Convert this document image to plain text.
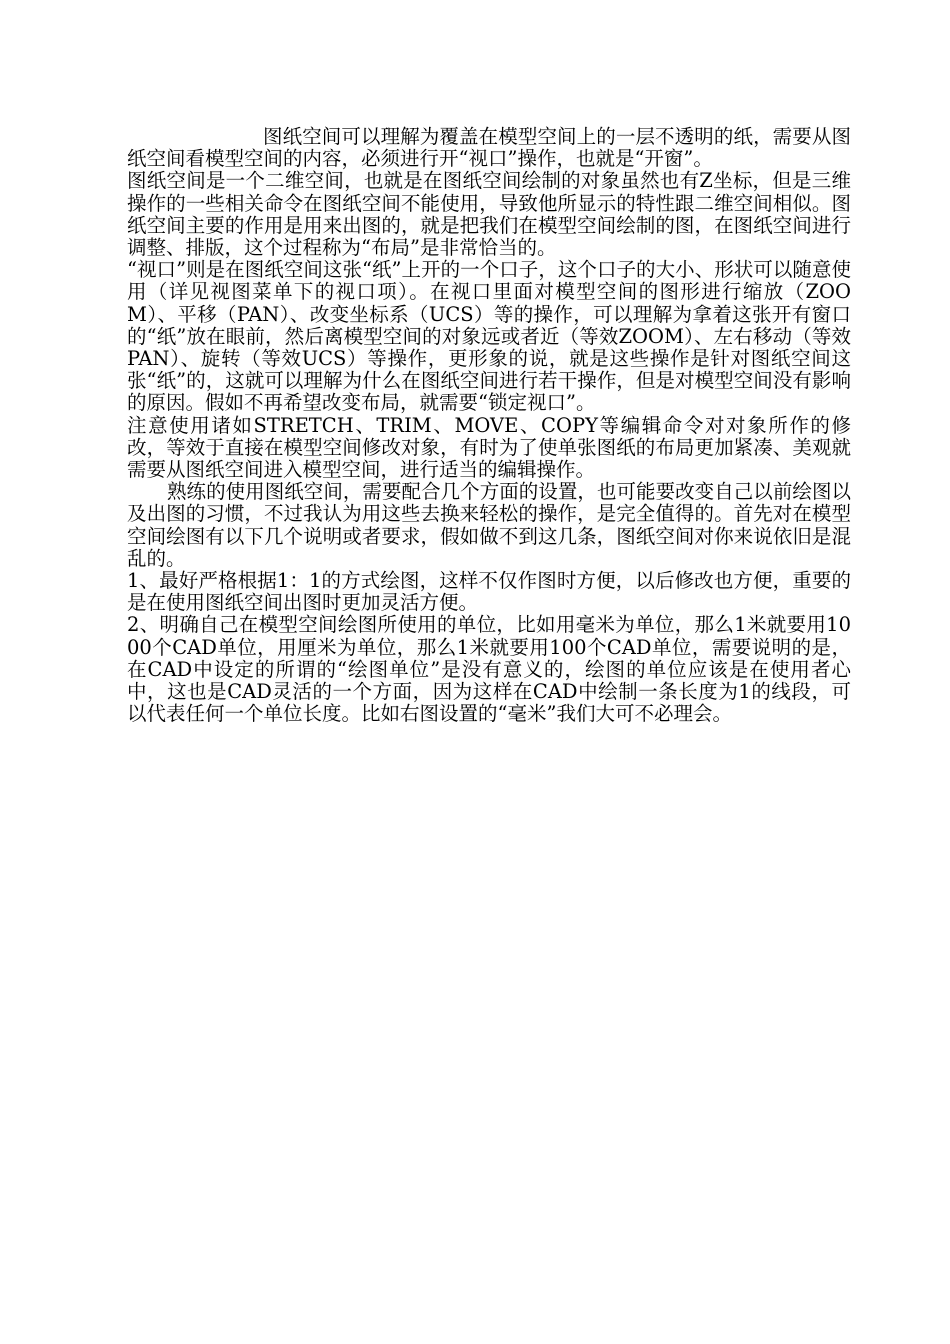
图纸空间可以理解为覆盖在模型空间上的一层不透明的纸，需要从图纸空间看模型空间的内容，必须进行开“视口”操作，也就是“开窗”。

图纸空间是一个二维空间，也就是在图纸空间绘制的对象虽然也有Z坐标，但是三维操作的一些相关命令在图纸空间不能使用，导致他所显示的特性跟二维空间相似。图纸空间主要的作用是用来出图的，就是把我们在模型空间绘制的图，在图纸空间进行调整、排版，这个过程称为“布局”是非常恰当的。

“视口”则是在图纸空间这张“纸”上开的一个口子，这个口子的大小、形状可以随意使用（详见视图菜单下的视口项）。在视口里面对模型空间的图形进行缩放（ZOOM）、平移（PAN）、改变坐标系（UCS）等的操作，可以理解为拿着这张开有窗口的“纸”放在眼前，然后离模型空间的对象远或者近（等效ZOOM）、左右移动（等效PAN）、旋转（等效UCS）等操作，更形象的说，就是这些操作是针对图纸空间这张“纸”的，这就可以理解为什么在图纸空间进行若干操作，但是对模型空间没有影响的原因。假如不再希望改变布局，就需要“锁定视口”。

注意使用诸如STRETCH、TRIM、MOVE、COPY等编辑命令对对象所作的修改，等效于直接在模型空间修改对象，有时为了使单张图纸的布局更加紧凑、美观就需要从图纸空间进入模型空间，进行适当的编辑操作。

熟练的使用图纸空间，需要配合几个方面的设置，也可能要改变自己以前绘图以及出图的习惯，不过我认为用这些去换来轻松的操作，是完全值得的。首先对在模型空间绘图有以下几个说明或者要求，假如做不到这几条，图纸空间对你来说依旧是混乱的。

1、最好严格根据1：1的方式绘图，这样不仅作图时方便，以后修改也方便，重要的是在使用图纸空间出图时更加灵活方便。

2、明确自己在模型空间绘图所使用的单位，比如用毫米为单位，那么1米就要用1000个CAD单位，用厘米为单位，那么1米就要用100个CAD单位，需要说明的是，在CAD中设定的所谓的“绘图单位”是没有意义的，绘图的单位应该是在使用者心中，这也是CAD灵活的一个方面，因为这样在CAD中绘制一条长度为1的线段，可以代表任何一个单位长度。比如右图设置的“毫米”我们大可不必理会。
